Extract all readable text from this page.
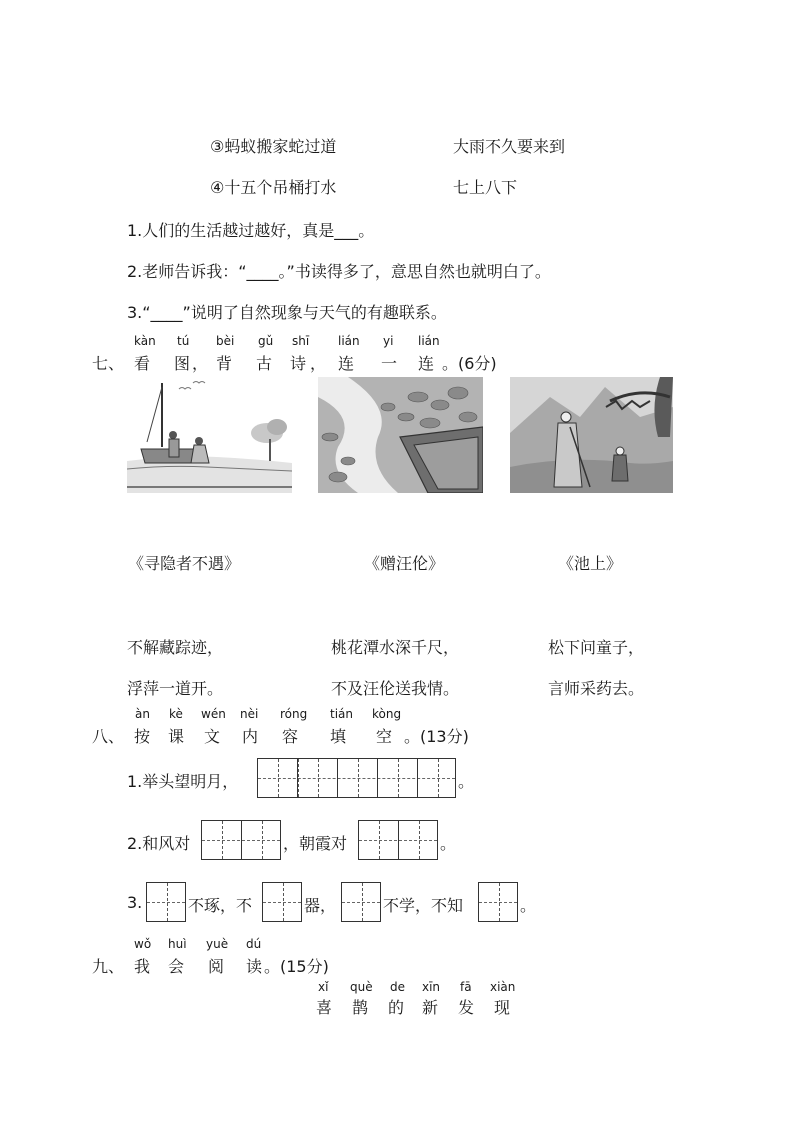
③蚂蚁搬家蛇过道	大雨不久要来到
④十五个吊桶打水	七上八下
1.人们的生活越过越好，真是___。
2.老师告诉我：“____。”书读得多了，意思自然也就明白了。
3.“____”说明了自然现象与天气的有趣联系。
七、
kàn
看
tú
图 ，
bèi
背
gǔ
古
shī
诗 ，
lián
连
yi
一
lián
连 。(6分)
《寻隐者不遇》	《赠汪伦》	《池上》
不解藏踪迹，	桃花潭水深千尺，	松下问童子，
浮萍一道开。	不及汪伦送我情。	言师采药去。
八、
àn
按
kè
课
wén
文
nèi
内
róng
容
tián
填
kòng
空 。(13分)
1.举头望明月，	。
2.和风对	，朝霞对	。
3.	不琢，不	器，	不学，不知	。
九、
wǒ
我
huì
会
yuè
阅
dú
读 。(15分)
xǐ
喜
què
鹊
de
的
xīn
新
fā
发
xiàn
现
